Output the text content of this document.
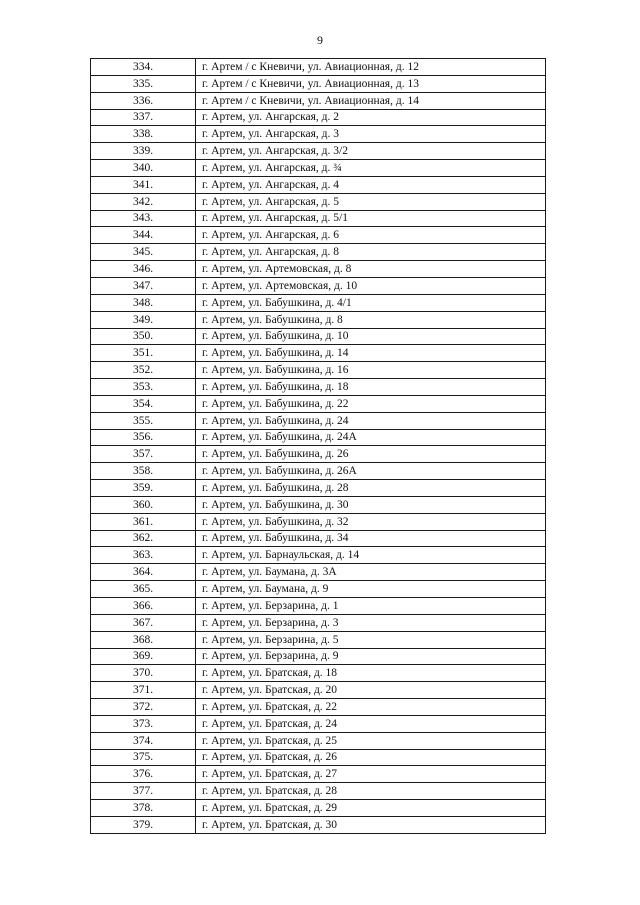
9
334.	г. Артем / с Кневичи, ул. Авиационная, д. 12
335.	г. Артем / с Кневичи, ул. Авиационная, д. 13
336.	г. Артем / с Кневичи, ул. Авиационная, д. 14
337.	г. Артем, ул. Ангарская, д. 2
338.	г. Артем, ул. Ангарская, д. 3
339.	г. Артем, ул. Ангарская, д. 3/2
340.	г. Артем, ул. Ангарская, д. ¾
341.	г. Артем, ул. Ангарская, д. 4
342.	г. Артем, ул. Ангарская, д. 5
343.	г. Артем, ул. Ангарская, д. 5/1
344.	г. Артем, ул. Ангарская, д. 6
345.	г. Артем, ул. Ангарская, д. 8
346.	г. Артем, ул. Артемовская, д. 8
347.	г. Артем, ул. Артемовская, д. 10
348.	г. Артем, ул. Бабушкина, д. 4/1
349.	г. Артем, ул. Бабушкина, д. 8
350.	г. Артем, ул. Бабушкина, д. 10
351.	г. Артем, ул. Бабушкина, д. 14
352.	г. Артем, ул. Бабушкина, д. 16
353.	г. Артем, ул. Бабушкина, д. 18
354.	г. Артем, ул. Бабушкина, д. 22
355.	г. Артем, ул. Бабушкина, д. 24
356.	г. Артем, ул. Бабушкина, д. 24А
357.	г. Артем, ул. Бабушкина, д. 26
358.	г. Артем, ул. Бабушкина, д. 26А
359.	г. Артем, ул. Бабушкина, д. 28
360.	г. Артем, ул. Бабушкина, д. 30
361.	г. Артем, ул. Бабушкина, д. 32
362.	г. Артем, ул. Бабушкина, д. 34
363.	г. Артем, ул. Барнаульская, д. 14
364.	г. Артем, ул. Баумана, д. 3А
365.	г. Артем, ул. Баумана, д. 9
366.	г. Артем, ул. Берзарина, д. 1
367.	г. Артем, ул. Берзарина, д. 3
368.	г. Артем, ул. Берзарина, д. 5
369.	г. Артем, ул. Берзарина, д. 9
370.	г. Артем, ул. Братская, д. 18
371.	г. Артем, ул. Братская, д. 20
372.	г. Артем, ул. Братская, д. 22
373.	г. Артем, ул. Братская, д. 24
374.	г. Артем, ул. Братская, д. 25
375.	г. Артем, ул. Братская, д. 26
376.	г. Артем, ул. Братская, д. 27
377.	г. Артем, ул. Братская, д. 28
378.	г. Артем, ул. Братская, д. 29
379.	г. Артем, ул. Братская, д. 30
